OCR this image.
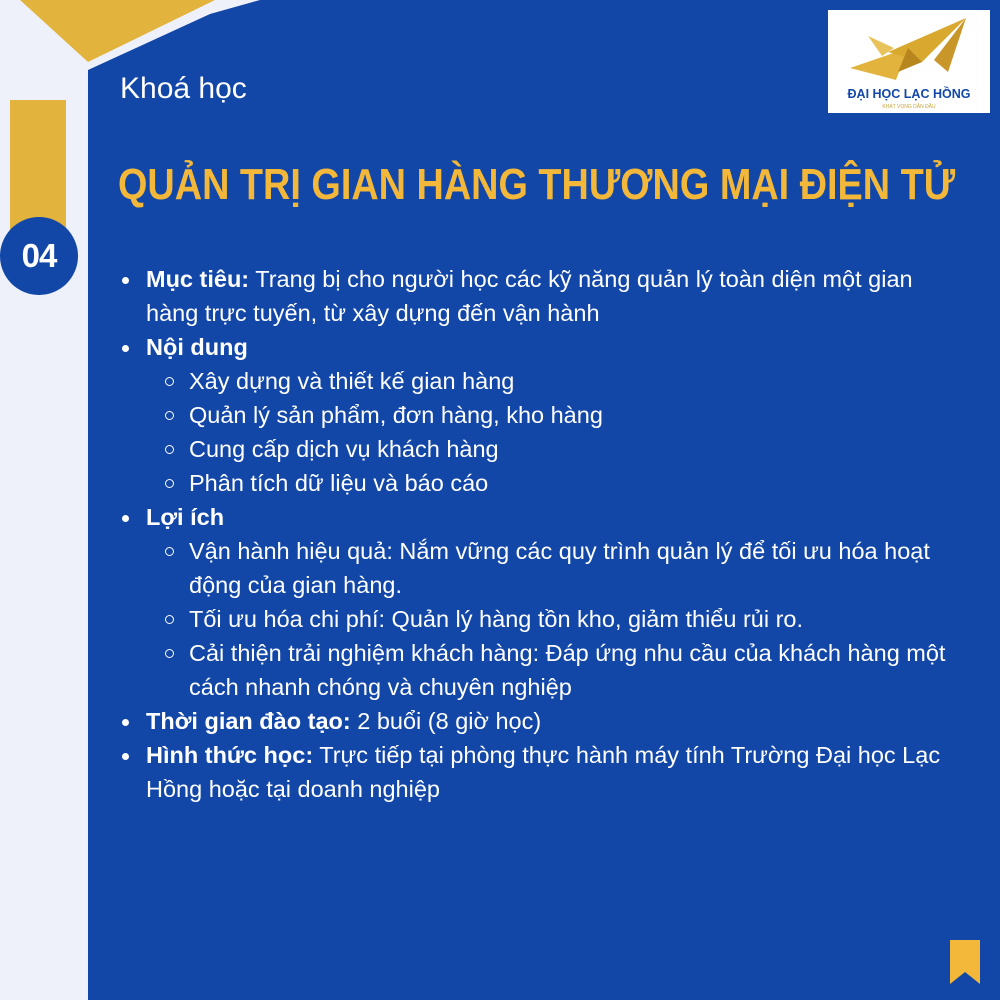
04
ĐẠI HỌC LẠC HỒNG
KHÁT VỌNG DẪN ĐẦU
Khoá học
QUẢN TRỊ GIAN HÀNG THƯƠNG MẠI ĐIỆN TỬ
Mục tiêu: Trang bị cho người học các kỹ năng quản lý toàn diện một gian hàng trực tuyến, từ xây dựng đến vận hành
Nội dung
Xây dựng và thiết kế gian hàng
Quản lý sản phẩm, đơn hàng, kho hàng
Cung cấp dịch vụ khách hàng
Phân tích dữ liệu và báo cáo
Lợi ích
Vận hành hiệu quả: Nắm vững các quy trình quản lý để tối ưu hóa hoạt động của gian hàng.
Tối ưu hóa chi phí: Quản lý hàng tồn kho, giảm thiểu rủi ro.
Cải thiện trải nghiệm khách hàng: Đáp ứng nhu cầu của khách hàng một cách nhanh chóng và chuyên nghiệp
Thời gian đào tạo: 2 buổi (8 giờ học)
Hình thức học: Trực tiếp tại phòng thực hành máy tính Trường Đại học Lạc Hồng hoặc tại doanh nghiệp
